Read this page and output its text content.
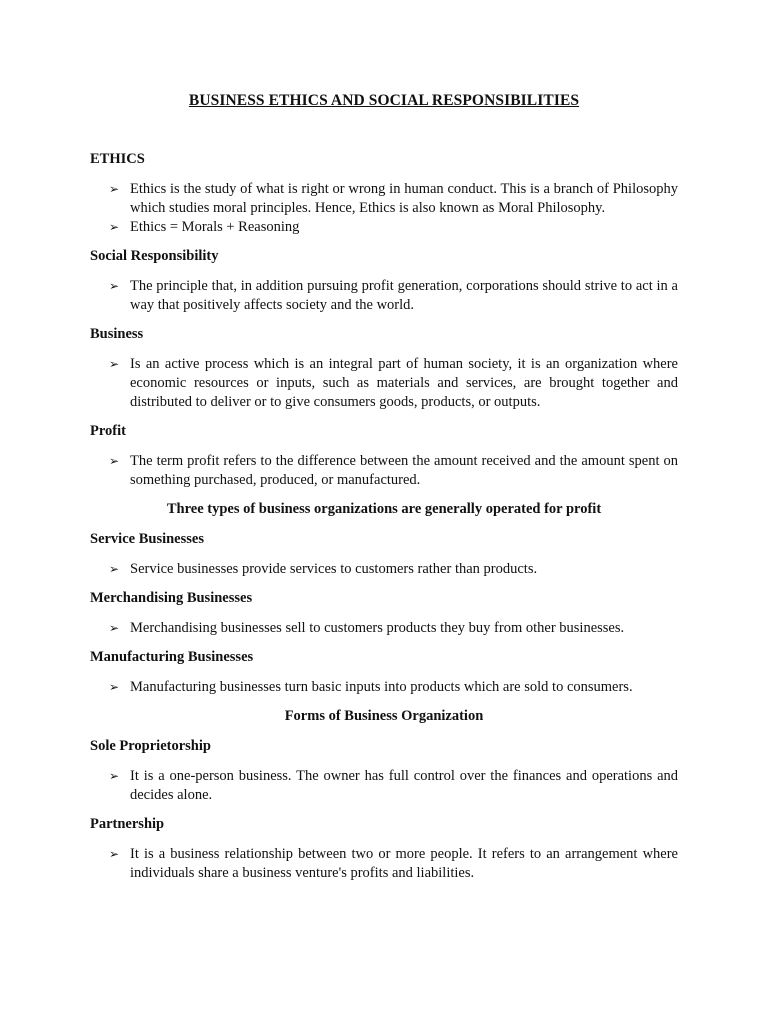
BUSINESS ETHICS AND SOCIAL RESPONSIBILITIES
ETHICS
➢ Ethics is the study of what is right or wrong in human conduct. This is a branch of Philosophy which studies moral principles. Hence, Ethics is also known as Moral Philosophy.
➢ Ethics = Morals + Reasoning
Social Responsibility
➢ The principle that, in addition pursuing profit generation, corporations should strive to act in a way that positively affects society and the world.
Business
➢ Is an active process which is an integral part of human society, it is an organization where economic resources or inputs, such as materials and services, are brought together and distributed to deliver or to give consumers goods, products, or outputs.
Profit
➢ The term profit refers to the difference between the amount received and the amount spent on something purchased, produced, or manufactured.
Three types of business organizations are generally operated for profit
Service Businesses
➢ Service businesses provide services to customers rather than products.
Merchandising Businesses
➢ Merchandising businesses sell to customers products they buy from other businesses.
Manufacturing Businesses
➢ Manufacturing businesses turn basic inputs into products which are sold to consumers.
Forms of Business Organization
Sole Proprietorship
➢ It is a one-person business. The owner has full control over the finances and operations and decides alone.
Partnership
➢ It is a business relationship between two or more people. It refers to an arrangement where individuals share a business venture's profits and liabilities.
